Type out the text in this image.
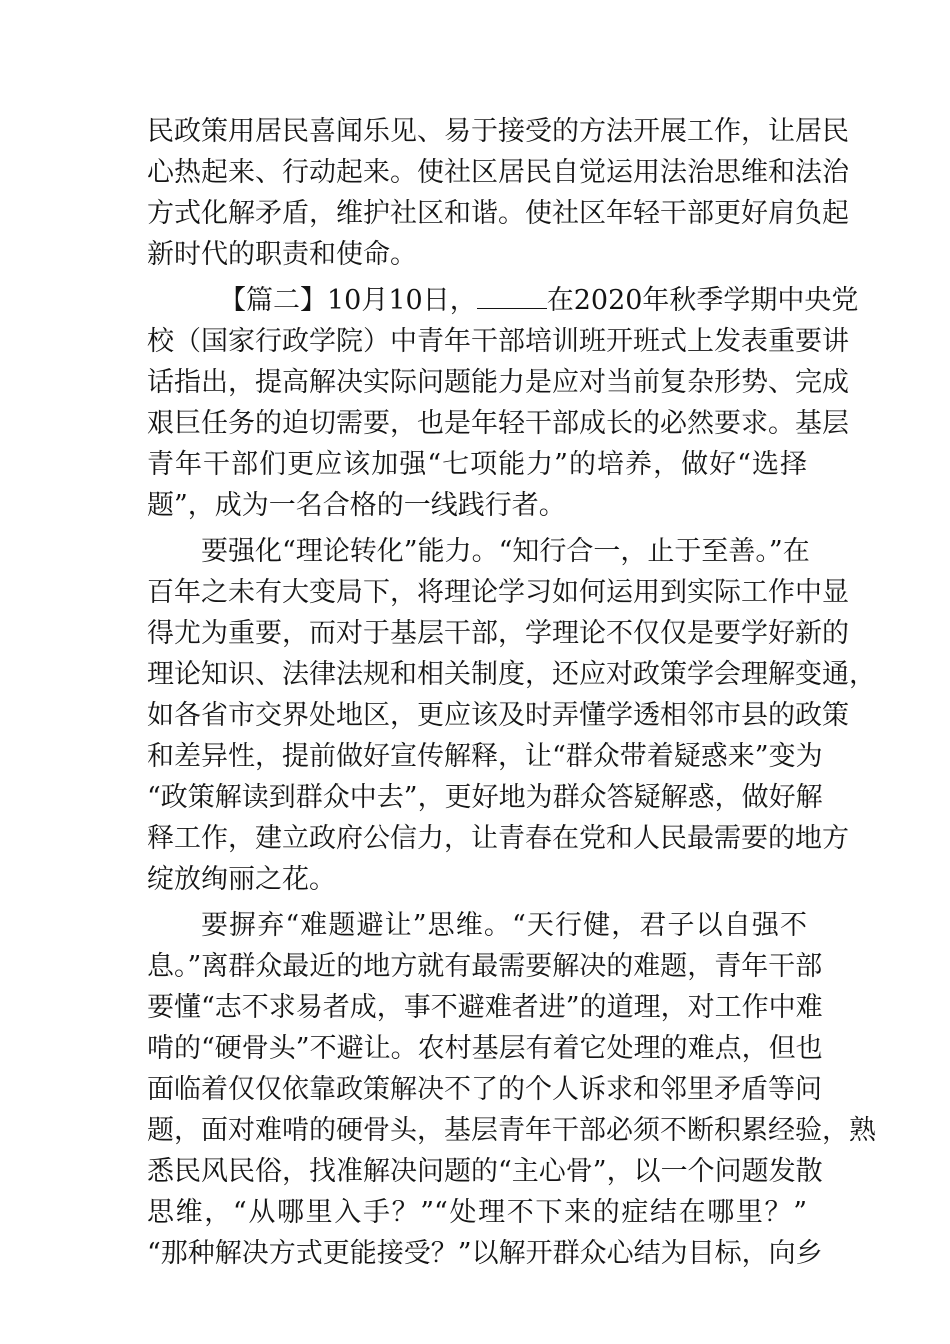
民政策用居民喜闻乐见、易于接受的方法开展工作，让居民
心热起来、行动起来。使社区居民自觉运用法治思维和法治
方式化解矛盾，维护社区和谐。使社区年轻干部更好肩负起
新时代的职责和使命。
【篇二】10月10日，	在2020年秋季学期中央党
校（国家行政学院）中青年干部培训班开班式上发表重要讲
话指出，提高解决实际问题能力是应对当前复杂形势、完成
艰巨任务的迫切需要，也是年轻干部成长的必然要求。基层
青年干部们更应该加强“七项能力”的培养，做好“选择
题”，成为一名合格的一线践行者。
要强化“理论转化”能力。“知行合一，止于至善。”在
百年之未有大变局下，将理论学习如何运用到实际工作中显
得尤为重要，而对于基层干部，学理论不仅仅是要学好新的
理论知识、法律法规和相关制度，还应对政策学会理解变通，
如各省市交界处地区，更应该及时弄懂学透相邻市县的政策
和差异性，提前做好宣传解释，让“群众带着疑惑来”变为
“政策解读到群众中去”，更好地为群众答疑解惑，做好解
释工作，建立政府公信力，让青春在党和人民最需要的地方
绽放绚丽之花。
要摒弃“难题避让”思维。“天行健，君子以自强不
息。”离群众最近的地方就有最需要解决的难题，青年干部
要懂“志不求易者成，事不避难者进”的道理，对工作中难
啃的“硬骨头”不避让。农村基层有着它处理的难点，但也
面临着仅仅依靠政策解决不了的个人诉求和邻里矛盾等问
题，面对难啃的硬骨头，基层青年干部必须不断积累经验，熟
悉民风民俗，找准解决问题的“主心骨”，以一个问题发散
思维，“从哪里入手？”“处理不下来的症结在哪里？”
“那种解决方式更能接受？”以解开群众心结为目标，向乡
